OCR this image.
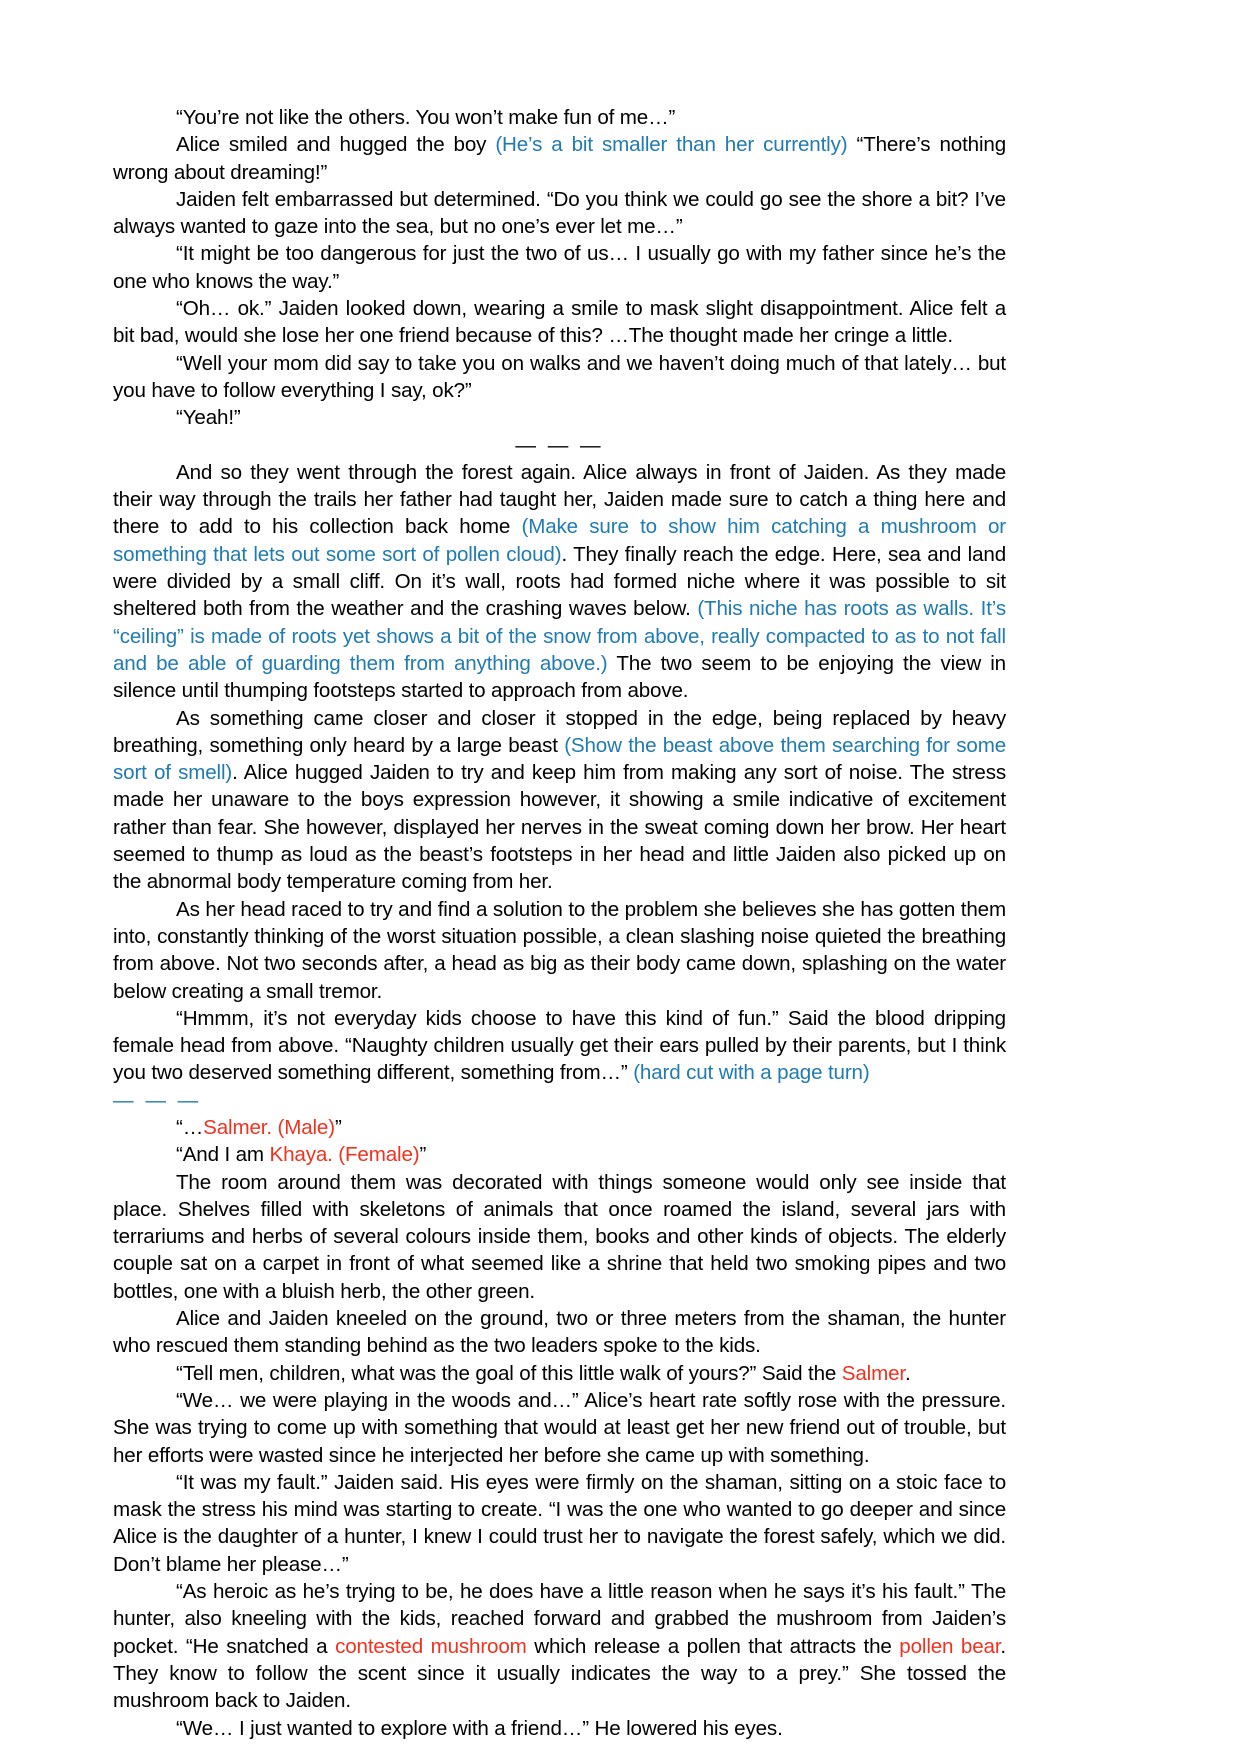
“You’re not like the others. You won’t make fun of me…”

Alice smiled and hugged the boy (He’s a bit smaller than her currently) “There’s nothing wrong about dreaming!”

Jaiden felt embarrassed but determined. “Do you think we could go see the shore a bit? I’ve always wanted to gaze into the sea, but no one’s ever let me…”

“It might be too dangerous for just the two of us… I usually go with my father since he’s the one who knows the way.”

“Oh… ok.” Jaiden looked down, wearing a smile to mask slight disappointment. Alice felt a bit bad, would she lose her one friend because of this? …The thought made her cringe a little.

“Well your mom did say to take you on walks and we haven’t doing much of that lately… but you have to follow everything I say, ok?”

“Yeah!”

— — —

And so they went through the forest again. Alice always in front of Jaiden. As they made their way through the trails her father had taught her, Jaiden made sure to catch a thing here and there to add to his collection back home (Make sure to show him catching a mushroom or something that lets out some sort of pollen cloud). They finally reach the edge. Here, sea and land were divided by a small cliff. On it’s wall, roots had formed niche where it was possible to sit sheltered both from the weather and the crashing waves below. (This niche has roots as walls. It’s “ceiling” is made of roots yet shows a bit of the snow from above, really compacted to as to not fall and be able of guarding them from anything above.) The two seem to be enjoying the view in silence until thumping footsteps started to approach from above.

As something came closer and closer it stopped in the edge, being replaced by heavy breathing, something only heard by a large beast (Show the beast above them searching for some sort of smell). Alice hugged Jaiden to try and keep him from making any sort of noise. The stress made her unaware to the boys expression however, it showing a smile indicative of excitement rather than fear. She however, displayed her nerves in the sweat coming down her brow. Her heart seemed to thump as loud as the beast’s footsteps in her head and little Jaiden also picked up on the abnormal body temperature coming from her.

As her head raced to try and find a solution to the problem she believes she has gotten them into, constantly thinking of the worst situation possible, a clean slashing noise quieted the breathing from above. Not two seconds after, a head as big as their body came down, splashing on the water below creating a small tremor.

“Hmmm, it’s not everyday kids choose to have this kind of fun.” Said the blood dripping female head from above. “Naughty children usually get their ears pulled by their parents, but I think you two deserved something different, something from…” (hard cut with a page turn)

— — —

“…Salmer. (Male)”

“And I am Khaya. (Female)”

The room around them was decorated with things someone would only see inside that place. Shelves filled with skeletons of animals that once roamed the island, several jars with terrariums and herbs of several colours inside them, books and other kinds of objects. The elderly couple sat on a carpet in front of what seemed like a shrine that held two smoking pipes and two bottles, one with a bluish herb, the other green.

Alice and Jaiden kneeled on the ground, two or three meters from the shaman, the hunter who rescued them standing behind as the two leaders spoke to the kids.

“Tell men, children, what was the goal of this little walk of yours?” Said the Salmer.

“We… we were playing in the woods and…” Alice’s heart rate softly rose with the pressure. She was trying to come up with something that would at least get her new friend out of trouble, but her efforts were wasted since he interjected her before she came up with something.

“It was my fault.” Jaiden said. His eyes were firmly on the shaman, sitting on a stoic face to mask the stress his mind was starting to create. “I was the one who wanted to go deeper and since Alice is the daughter of a hunter, I knew I could trust her to navigate the forest safely, which we did. Don’t blame her please…”

“As heroic as he’s trying to be, he does have a little reason when he says it’s his fault.” The hunter, also kneeling with the kids, reached forward and grabbed the mushroom from Jaiden’s pocket. “He snatched a contested mushroom which release a pollen that attracts the pollen bear. They know to follow the scent since it usually indicates the way to a prey.” She tossed the mushroom back to Jaiden.

“We… I just wanted to explore with a friend…” He lowered his eyes.
